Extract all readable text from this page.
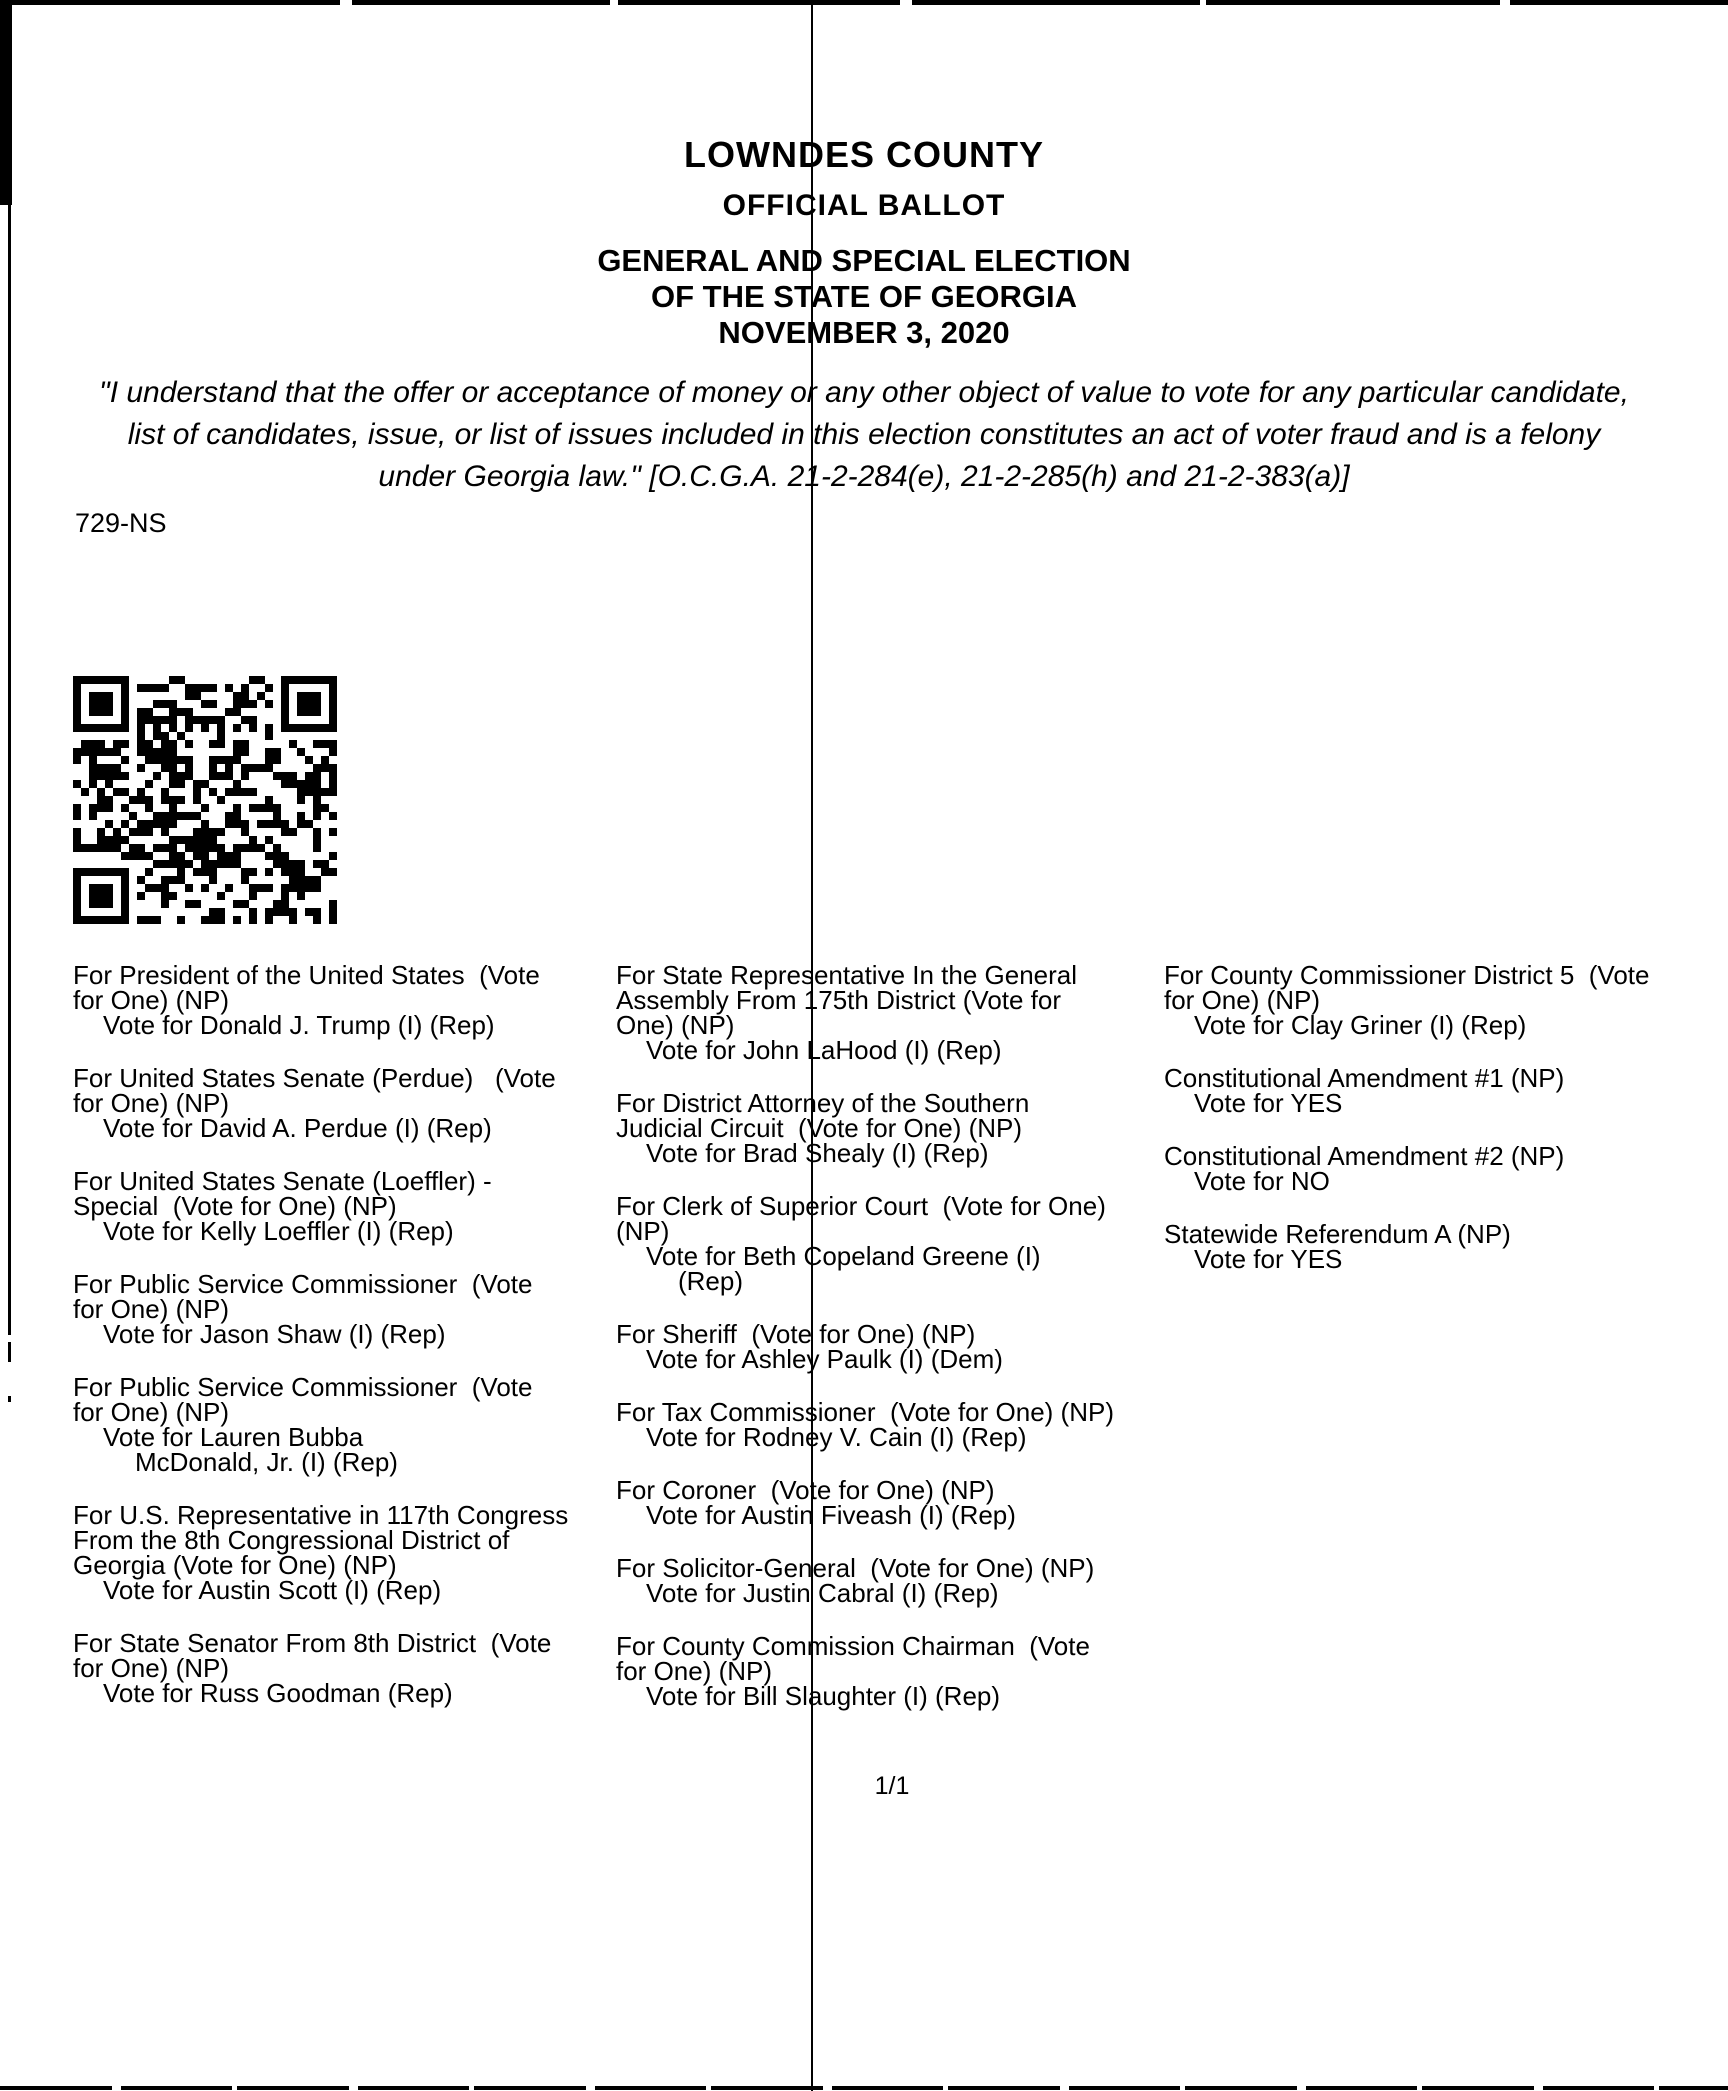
LOWNDES COUNTY
OFFICIAL BALLOT
GENERAL AND SPECIAL ELECTION
OF THE STATE OF GEORGIA
NOVEMBER 3, 2020
"I understand that the offer or acceptance of money or any other object of value to vote for any particular candidate,
list of candidates, issue, or list of issues included in this election constitutes an act of voter fraud and is a felony
under Georgia law." [O.C.G.A. 21-2-284(e), 21-2-285(h) and 21-2-383(a)]
729-NS
For President of the United States  (Vote
for One) (NP)
Vote for Donald J. Trump (I) (Rep)
For United States Senate (Perdue)   (Vote
for One) (NP)
Vote for David A. Perdue (I) (Rep)
For United States Senate (Loeffler) -
Special  (Vote for One) (NP)
Vote for Kelly Loeffler (I) (Rep)
For Public Service Commissioner  (Vote
for One) (NP)
Vote for Jason Shaw (I) (Rep)
For Public Service Commissioner  (Vote
for One) (NP)
Vote for Lauren Bubba
McDonald, Jr. (I) (Rep)
For U.S. Representative in 117th Congress
From the 8th Congressional District of
Georgia (Vote for One) (NP)
Vote for Austin Scott (I) (Rep)
For State Senator From 8th District  (Vote
for One) (NP)
Vote for Russ Goodman (Rep)
For State Representative In the General
Assembly From 175th District (Vote for
One) (NP)
Vote for John LaHood (I) (Rep)
For District Attorney of the Southern
Judicial Circuit  (Vote for One) (NP)
Vote for Brad Shealy (I) (Rep)
For Clerk of Superior Court  (Vote for One)
(NP)
Vote for Beth Copeland Greene (I)
(Rep)
For Sheriff  (Vote for One) (NP)
Vote for Ashley Paulk (I) (Dem)
For Tax Commissioner  (Vote for One) (NP)
Vote for Rodney V. Cain (I) (Rep)
For Coroner  (Vote for One) (NP)
Vote for Austin Fiveash (I) (Rep)
For Solicitor-General  (Vote for One) (NP)
Vote for Justin Cabral (I) (Rep)
For County Commission Chairman  (Vote
for One) (NP)
Vote for Bill Slaughter (I) (Rep)
For County Commissioner District 5  (Vote
for One) (NP)
Vote for Clay Griner (I) (Rep)
Constitutional Amendment #1 (NP)
Vote for YES
Constitutional Amendment #2 (NP)
Vote for NO
Statewide Referendum A (NP)
Vote for YES
1/1
